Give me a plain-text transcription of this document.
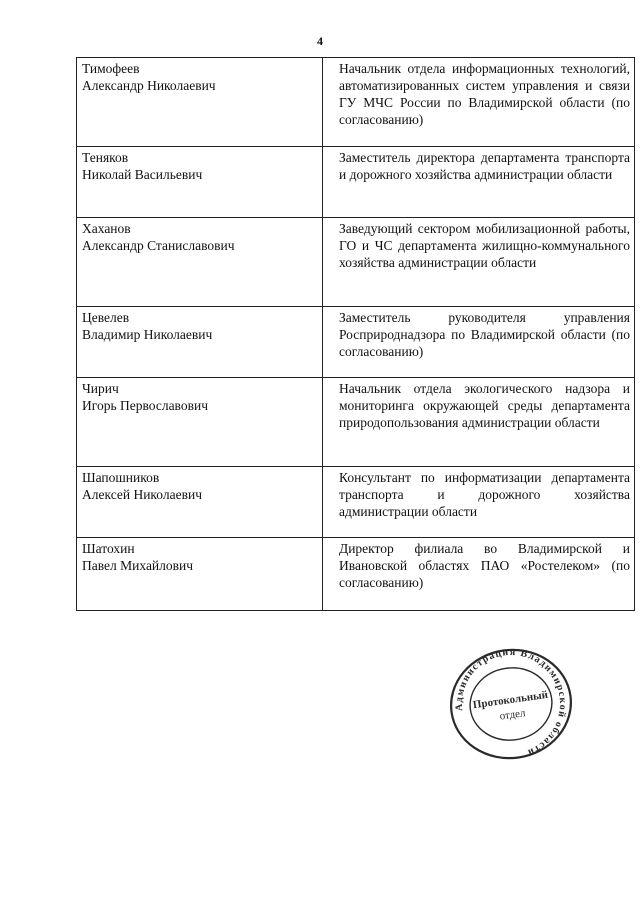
4
Тимофеев
Александр Николаевич	Начальник отдела информационных технологий, автоматизированных систем управления и связи ГУ МЧС России по Владимирской области (по согласованию)

Теняков
Николай Васильевич	Заместитель директора департамента транспорта и дорожного хозяйства администрации области

Хаханов
Александр Станиславович	Заведующий сектором мобилизационной работы, ГО и ЧС департамента жилищно-коммунального хозяйства администрации области

Цевелев
Владимир Николаевич	Заместитель руководителя управления Росприроднадзора по Владимирской области (по согласованию)

Чирич
Игорь Первославович	Начальник отдела экологического надзора и мониторинга окружающей среды департамента природопользования администрации области

Шапошников
Алексей Николаевич	Консультант по информатизации департамента транспорта и дорожного хозяйства администрации области

Шатохин
Павел Михайлович	Директор филиала во Владимирской и Ивановской областях ПАО «Ростелеком» (по согласованию)
Администрация Владимирской области
Протокольный
отдел
